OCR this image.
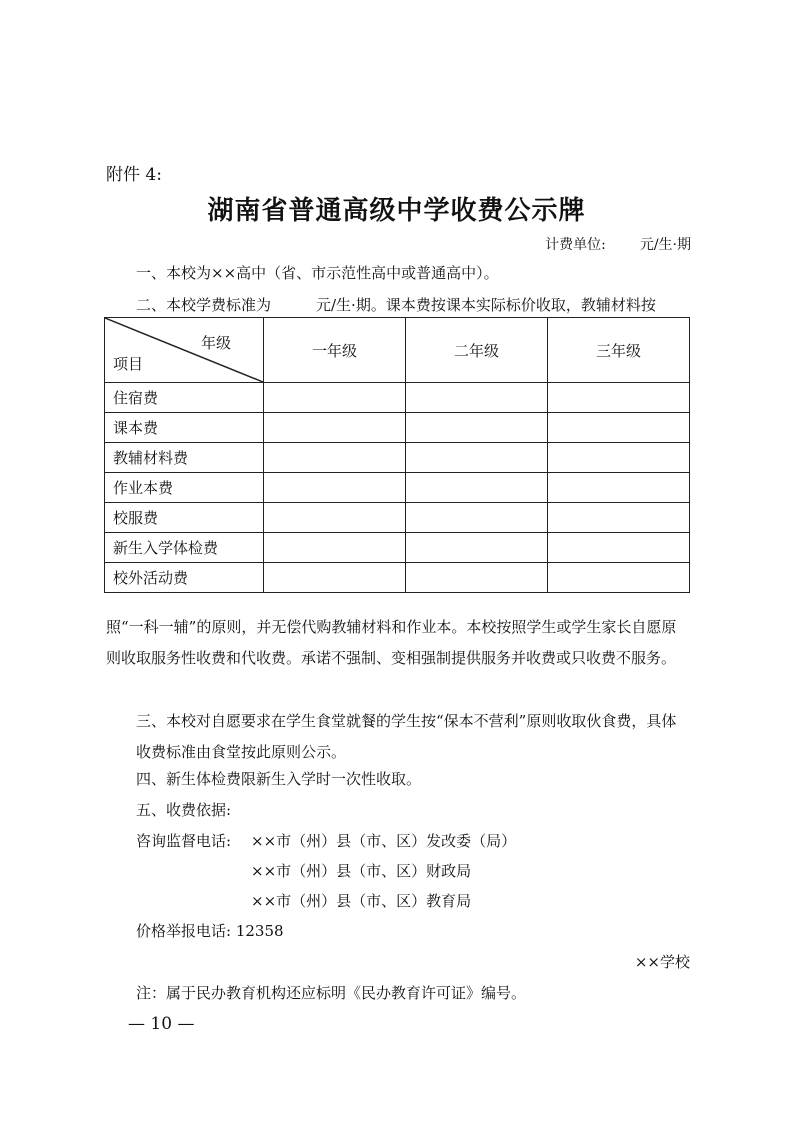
附件 4:
湖南省普通高级中学收费公示牌
计费单位: 元/生·期
一、本校为××高中（省、市示范性高中或普通高中）。
二、本校学费标准为　　　元/生·期。课本费按课本实际标价收取，教辅材料按
年级
项目	一年级	二年级	三年级
住宿费			
课本费			
教辅材料费			
作业本费			
校服费			
新生入学体检费			
校外活动费			
照“一科一辅”的原则，并无偿代购教辅材料和作业本。本校按照学生或学生家长自愿原则收取服务性收费和代收费。承诺不强制、变相强制提供服务并收费或只收费不服务。
三、本校对自愿要求在学生食堂就餐的学生按“保本不营利”原则收取伙食费，具体收费标准由食堂按此原则公示。
四、新生体检费限新生入学时一次性收取。
五、收费依据:
咨询监督电话: ××市（州）县（市、区）发改委（局）
××市（州）县（市、区）财政局
××市（州）县（市、区）教育局
价格举报电话: 12358
××学校
注：属于民办教育机构还应标明《民办教育许可证》编号。
— 10 —
